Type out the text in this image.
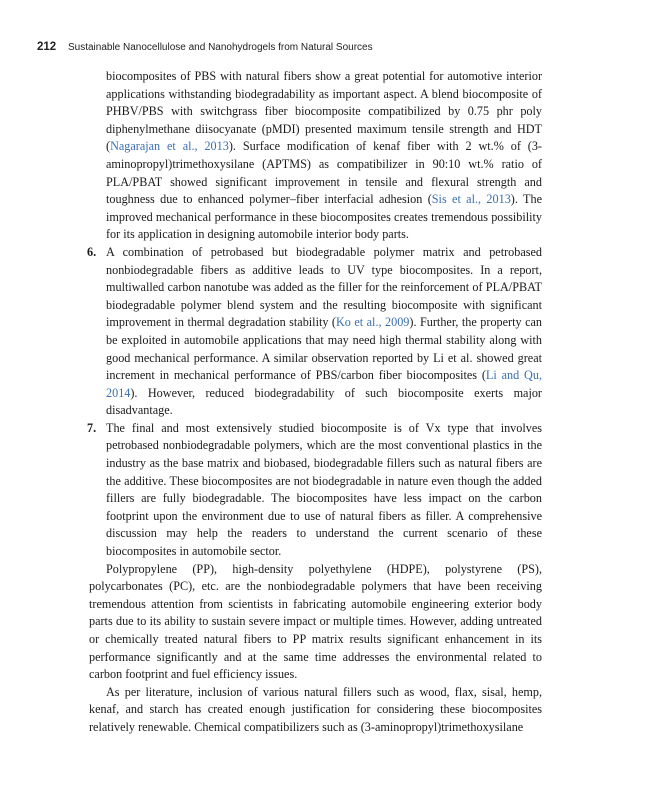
212 Sustainable Nanocellulose and Nanohydrogels from Natural Sources

biocomposites of PBS with natural fibers show a great potential for automotive interior applications withstanding biodegradability as important aspect. A blend biocomposite of PHBV/PBS with switchgrass fiber biocomposite compatibilized by 0.75 phr poly diphenylmethane diisocyanate (pMDI) presented maximum tensile strength and HDT (Nagarajan et al., 2013). Surface modification of kenaf fiber with 2 wt.% of (3-aminopropyl)trimethoxysilane (APTMS) as compatibilizer in 90:10 wt.% ratio of PLA/PBAT showed significant improvement in tensile and flexural strength and toughness due to enhanced polymer–fiber interfacial adhesion (Sis et al., 2013). The improved mechanical performance in these biocomposites creates tremendous possibility for its application in designing automobile interior body parts.

6. A combination of petrobased but biodegradable polymer matrix and petrobased nonbiodegradable fibers as additive leads to UV type biocomposites. In a report, multiwalled carbon nanotube was added as the filler for the reinforcement of PLA/PBAT biodegradable polymer blend system and the resulting biocomposite with significant improvement in thermal degradation stability (Ko et al., 2009). Further, the property can be exploited in automobile applications that may need high thermal stability along with good mechanical performance. A similar observation reported by Li et al. showed great increment in mechanical performance of PBS/carbon fiber biocomposites (Li and Qu, 2014). However, reduced biodegradability of such biocomposite exerts major disadvantage.

7. The final and most extensively studied biocomposite is of Vx type that involves petrobased nonbiodegradable polymers, which are the most conventional plastics in the industry as the base matrix and biobased, biodegradable fillers such as natural fibers are the additive. These biocomposites are not biodegradable in nature even though the added fillers are fully biodegradable. The biocomposites have less impact on the carbon footprint upon the environment due to use of natural fibers as filler. A comprehensive discussion may help the readers to understand the current scenario of these biocomposites in automobile sector.

Polypropylene (PP), high-density polyethylene (HDPE), polystyrene (PS), polycarbonates (PC), etc. are the nonbiodegradable polymers that have been receiving tremendous attention from scientists in fabricating automobile engineering exterior body parts due to its ability to sustain severe impact or multiple times. However, adding untreated or chemically treated natural fibers to PP matrix results significant enhancement in its performance significantly and at the same time addresses the environmental related to carbon footprint and fuel efficiency issues.

As per literature, inclusion of various natural fillers such as wood, flax, sisal, hemp, kenaf, and starch has created enough justification for considering these biocomposites relatively renewable. Chemical compatibilizers such as (3-aminopropyl)trimethoxysilane
